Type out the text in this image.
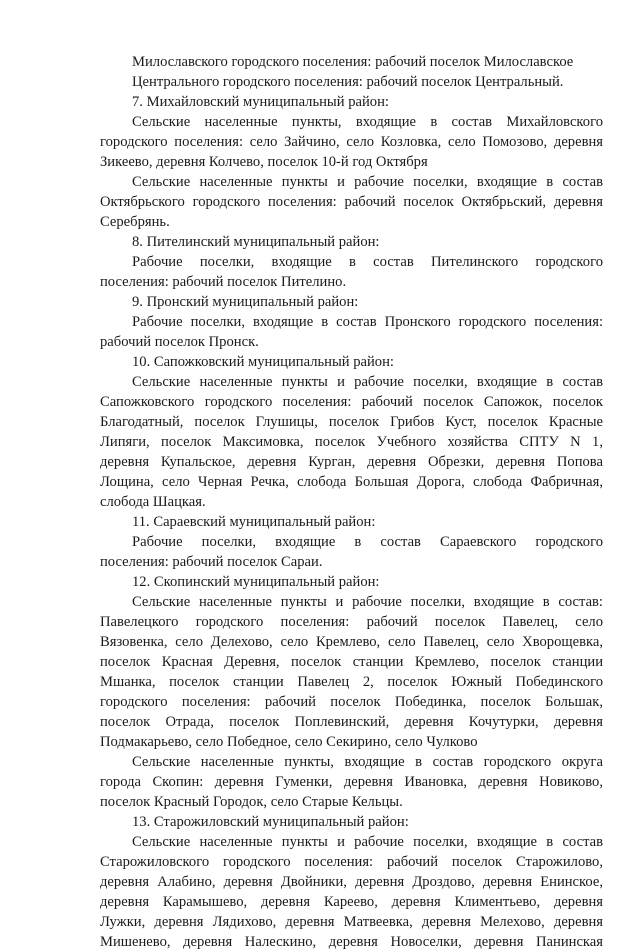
Милославского городского поселения: рабочий поселок Милославское
Центрального городского поселения: рабочий поселок Центральный.
7. Михайловский муниципальный район:
Сельские населенные пункты, входящие в состав Михайловского
городского поселения: село Зайчино, село Козловка, село Помозово, деревня
Зикеево, деревня Колчево, поселок 10-й год Октября
Сельские населенные пункты и рабочие поселки, входящие в состав
Октябрьского городского поселения: рабочий поселок Октябрьский, деревня
Серебрянь.
8. Пителинский муниципальный район:
Рабочие поселки, входящие в состав Пителинского городского
поселения: рабочий поселок Пителино.
9. Пронский муниципальный район:
Рабочие поселки, входящие в состав Пронского городского поселения:
рабочий поселок Пронск.
10. Сапожковский муниципальный район:
Сельские населенные пункты и рабочие поселки, входящие в состав
Сапожковского городского поселения: рабочий поселок Сапожок, поселок
Благодатный, поселок Глушицы, поселок Грибов Куст, поселок Красные
Липяги, поселок Максимовка, поселок Учебного хозяйства СПТУ N 1,
деревня Купальское, деревня Курган, деревня Обрезки, деревня Попова
Лощина, село Черная Речка, слобода Большая Дорога, слобода Фабричная,
слобода Шацкая.
11. Сараевский муниципальный район:
Рабочие поселки, входящие в состав Сараевского городского
поселения: рабочий поселок Сараи.
12. Скопинский муниципальный район:
Сельские населенные пункты и рабочие поселки, входящие в состав:
Павелецкого городского поселения: рабочий поселок Павелец, село
Вязовенка, село Делехово, село Кремлево, село Павелец, село Хворощевка,
поселок Красная Деревня, поселок станции Кремлево, поселок станции
Мшанка, поселок станции Павелец 2, поселок Южный Побединского
городского поселения: рабочий поселок Побединка, поселок Большак,
поселок Отрада, поселок Поплевинский, деревня Кочутурки, деревня
Подмакарьево, село Победное, село Секирино, село Чулково
Сельские населенные пункты, входящие в состав городского округа
города Скопин: деревня Гуменки, деревня Ивановка, деревня Новиково,
поселок Красный Городок, село Старые Кельцы.
13. Старожиловский муниципальный район:
Сельские населенные пункты и рабочие поселки, входящие в состав
Старожиловского городского поселения: рабочий поселок Старожилово,
деревня Алабино, деревня Двойники, деревня Дроздово, деревня Енинское,
деревня Карамышево, деревня Кареево, деревня Климентьево, деревня
Лужки, деревня Лядихово, деревня Матвеевка, деревня Мелехово, деревня
Мишенево, деревня Налескино, деревня Новоселки, деревня Панинская
